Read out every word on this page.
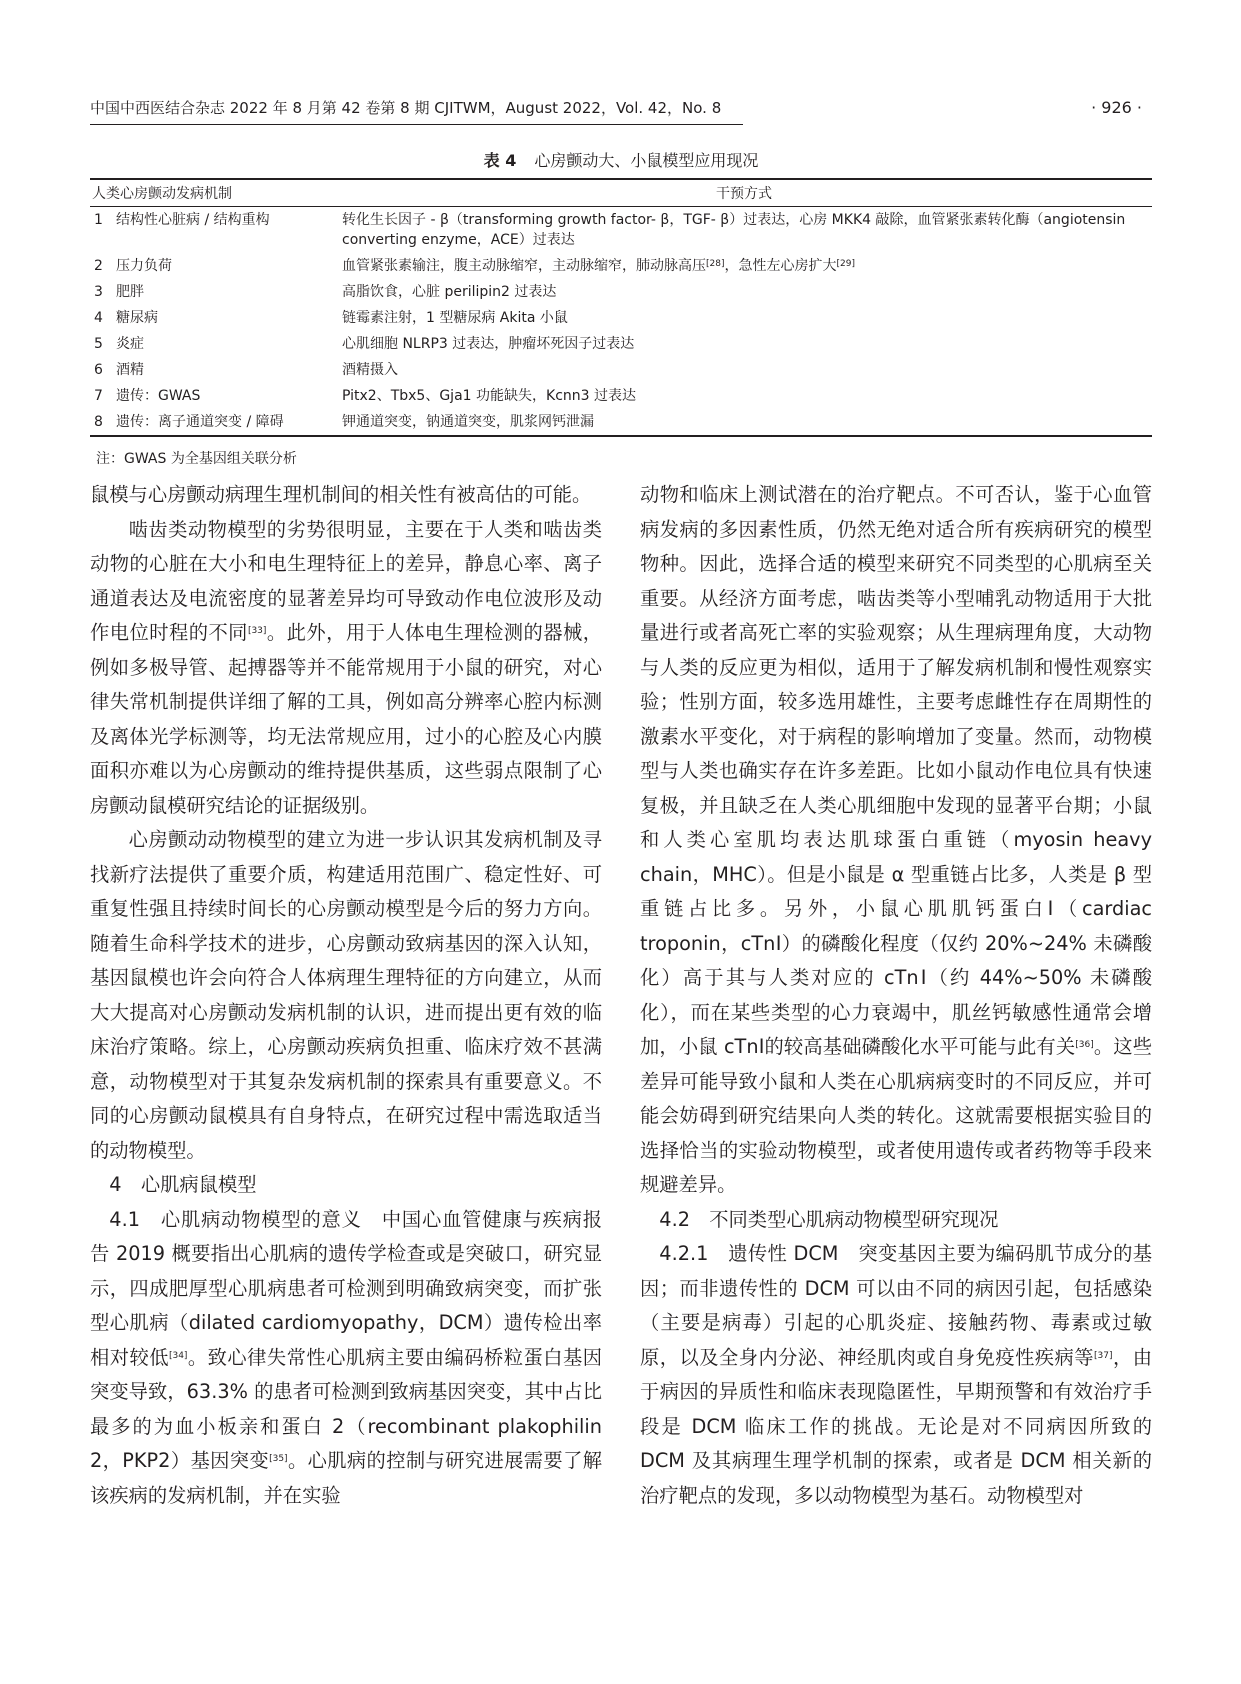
中国中西医结合杂志 2022 年 8 月第 42 卷第 8 期 CJITWM，August 2022，Vol. 42，No. 8	· 926 ·
表 4 心房颤动大、小鼠模型应用现况
人类心房颤动发病机制	干预方式
1 结构性心脏病 / 结构重构	转化生长因子 - β（transforming growth factor- β，TGF- β）过表达，心房 MKK4 敲除，血管紧张素转化酶（angiotensin converting enzyme，ACE）过表达
2 压力负荷	血管紧张素输注，腹主动脉缩窄，主动脉缩窄，肺动脉高压[28]，急性左心房扩大[29]
3 肥胖	高脂饮食，心脏 perilipin2 过表达
4 糖尿病	链霉素注射，1 型糖尿病 Akita 小鼠
5 炎症	心肌细胞 NLRP3 过表达，肿瘤坏死因子过表达
6 酒精	酒精摄入
7 遗传：GWAS	Pitx2、Tbx5、Gja1 功能缺失，Kcnn3 过表达
8 遗传：离子通道突变 / 障碍	钾通道突变，钠通道突变，肌浆网钙泄漏
注：GWAS 为全基因组关联分析

鼠模与心房颤动病理生理机制间的相关性有被高估的可能。

啮齿类动物模型的劣势很明显，主要在于人类和啮齿类动物的心脏在大小和电生理特征上的差异，静息心率、离子通道表达及电流密度的显著差异均可导致动作电位波形及动作电位时程的不同[33]。此外，用于人体电生理检测的器械，例如多极导管、起搏器等并不能常规用于小鼠的研究，对心律失常机制提供详细了解的工具，例如高分辨率心腔内标测及离体光学标测等，均无法常规应用，过小的心腔及心内膜面积亦难以为心房颤动的维持提供基质，这些弱点限制了心房颤动鼠模研究结论的证据级别。

心房颤动动物模型的建立为进一步认识其发病机制及寻找新疗法提供了重要介质，构建适用范围广、稳定性好、可重复性强且持续时间长的心房颤动模型是今后的努力方向。随着生命科学技术的进步，心房颤动致病基因的深入认知，基因鼠模也许会向符合人体病理生理特征的方向建立，从而大大提高对心房颤动发病机制的认识，进而提出更有效的临床治疗策略。综上，心房颤动疾病负担重、临床疗效不甚满意，动物模型对于其复杂发病机制的探索具有重要意义。不同的心房颤动鼠模具有自身特点，在研究过程中需选取适当的动物模型。

4　心肌病鼠模型

4.1　心肌病动物模型的意义　中国心血管健康与疾病报告 2019 概要指出心肌病的遗传学检查或是突破口，研究显示，四成肥厚型心肌病患者可检测到明确致病突变，而扩张型心肌病（dilated cardiomyopathy，DCM）遗传检出率相对较低[34]。致心律失常性心肌病主要由编码桥粒蛋白基因突变导致，63.3% 的患者可检测到致病基因突变，其中占比最多的为血小板亲和蛋白 2（recombinant plakophilin 2，PKP2）基因突变[35]。心肌病的控制与研究进展需要了解该疾病的发病机制，并在实验

动物和临床上测试潜在的治疗靶点。不可否认，鉴于心血管病发病的多因素性质，仍然无绝对适合所有疾病研究的模型物种。因此，选择合适的模型来研究不同类型的心肌病至关重要。从经济方面考虑，啮齿类等小型哺乳动物适用于大批量进行或者高死亡率的实验观察；从生理病理角度，大动物与人类的反应更为相似，适用于了解发病机制和慢性观察实验；性别方面，较多选用雄性，主要考虑雌性存在周期性的激素水平变化，对于病程的影响增加了变量。然而，动物模型与人类也确实存在许多差距。比如小鼠动作电位具有快速复极，并且缺乏在人类心肌细胞中发现的显著平台期；小鼠和人类心室肌均表达肌球蛋白重链（myosin heavy chain，MHC）。但是小鼠是 α 型重链占比多，人类是 β 型重链占比多。另外，小鼠心肌肌钙蛋白Ⅰ（cardiac troponin，cTnⅠ）的磷酸化程度（仅约 20%~24% 未磷酸化）高于其与人类对应的 cTnⅠ（约 44%~50% 未磷酸化），而在某些类型的心力衰竭中，肌丝钙敏感性通常会增加，小鼠 cTnⅠ的较高基础磷酸化水平可能与此有关[36]。这些差异可能导致小鼠和人类在心肌病病变时的不同反应，并可能会妨碍到研究结果向人类的转化。这就需要根据实验目的选择恰当的实验动物模型，或者使用遗传或者药物等手段来规避差异。

4.2　不同类型心肌病动物模型研究现况

4.2.1　遗传性 DCM　突变基因主要为编码肌节成分的基因；而非遗传性的 DCM 可以由不同的病因引起，包括感染（主要是病毒）引起的心肌炎症、接触药物、毒素或过敏原，以及全身内分泌、神经肌肉或自身免疫性疾病等[37]，由于病因的异质性和临床表现隐匿性，早期预警和有效治疗手段是 DCM 临床工作的挑战。无论是对不同病因所致的 DCM 及其病理生理学机制的探索，或者是 DCM 相关新的治疗靶点的发现，多以动物模型为基石。动物模型对
